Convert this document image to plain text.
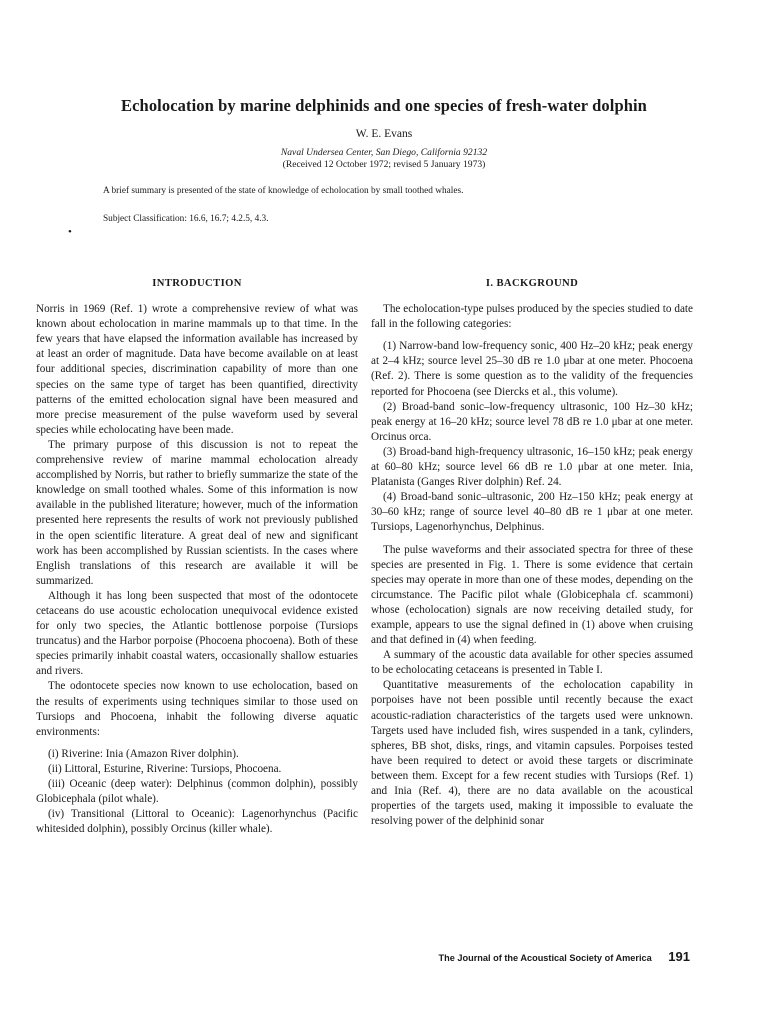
Echolocation by marine delphinids and one species of fresh-water dolphin
W. E. Evans
Naval Undersea Center, San Diego, California 92132
(Received 12 October 1972; revised 5 January 1973)
A brief summary is presented of the state of knowledge of echolocation by small toothed whales.
Subject Classification: 16.6, 16.7; 4.2.5, 4.3.
•
INTRODUCTION

Norris in 1969 (Ref. 1) wrote a comprehensive review of what was known about echolocation in marine mammals up to that time. In the few years that have elapsed the information available has increased by at least an order of magnitude. Data have become available on at least four additional species, discrimination capability of more than one species on the same type of target has been quantified, directivity patterns of the emitted echolocation signal have been measured and more precise measurement of the pulse waveform used by several species while echolocating have been made.

The primary purpose of this discussion is not to repeat the comprehensive review of marine mammal echolocation already accomplished by Norris, but rather to briefly summarize the state of the knowledge on small toothed whales. Some of this information is now available in the published literature; however, much of the information presented here represents the results of work not previously published in the open scientific literature. A great deal of new and significant work has been accomplished by Russian scientists. In the cases where English translations of this research are available it will be summarized.

Although it has long been suspected that most of the odontocete cetaceans do use acoustic echolocation unequivocal evidence existed for only two species, the Atlantic bottlenose porpoise (Tursiops truncatus) and the Harbor porpoise (Phocoena phocoena). Both of these species primarily inhabit coastal waters, occasionally shallow estuaries and rivers.

The odontocete species now known to use echolocation, based on the results of experiments using techniques similar to those used on Tursiops and Phocoena, inhabit the following diverse aquatic environments:

(i) Riverine: Inia (Amazon River dolphin).

(ii) Littoral, Esturine, Riverine: Tursiops, Phocoena.

(iii) Oceanic (deep water): Delphinus (common dolphin), possibly Globicephala (pilot whale).

(iv) Transitional (Littoral to Oceanic): Lagenorhynchus (Pacific whitesided dolphin), possibly Orcinus (killer whale).

I. BACKGROUND

The echolocation-type pulses produced by the species studied to date fall in the following categories:

(1) Narrow-band low-frequency sonic, 400 Hz–20 kHz; peak energy at 2–4 kHz; source level 25–30 dB re 1.0 μbar at one meter. Phocoena (Ref. 2). There is some question as to the validity of the frequencies reported for Phocoena (see Diercks et al., this volume).

(2) Broad-band sonic–low-frequency ultrasonic, 100 Hz–30 kHz; peak energy at 16–20 kHz; source level 78 dB re 1.0 μbar at one meter. Orcinus orca.

(3) Broad-band high-frequency ultrasonic, 16–150 kHz; peak energy at 60–80 kHz; source level 66 dB re 1.0 μbar at one meter. Inia, Platanista (Ganges River dolphin) Ref. 24.

(4) Broad-band sonic–ultrasonic, 200 Hz–150 kHz; peak energy at 30–60 kHz; range of source level 40–80 dB re 1 μbar at one meter. Tursiops, Lagenorhynchus, Delphinus.

The pulse waveforms and their associated spectra for three of these species are presented in Fig. 1. There is some evidence that certain species may operate in more than one of these modes, depending on the circumstance. The Pacific pilot whale (Globicephala cf. scammoni) whose (echolocation) signals are now receiving detailed study, for example, appears to use the signal defined in (1) above when cruising and that defined in (4) when feeding.

A summary of the acoustic data available for other species assumed to be echolocating cetaceans is presented in Table I.

Quantitative measurements of the echolocation capability in porpoises have not been possible until recently because the exact acoustic-radiation characteristics of the targets used were unknown. Targets used have included fish, wires suspended in a tank, cylinders, spheres, BB shot, disks, rings, and vitamin capsules. Porpoises tested have been required to detect or avoid these targets or discriminate between them. Except for a few recent studies with Tursiops (Ref. 1) and Inia (Ref. 4), there are no data available on the acoustical properties of the targets used, making it impossible to evaluate the resolving power of the delphinid sonar

The Journal of the Acoustical Society of America 191
